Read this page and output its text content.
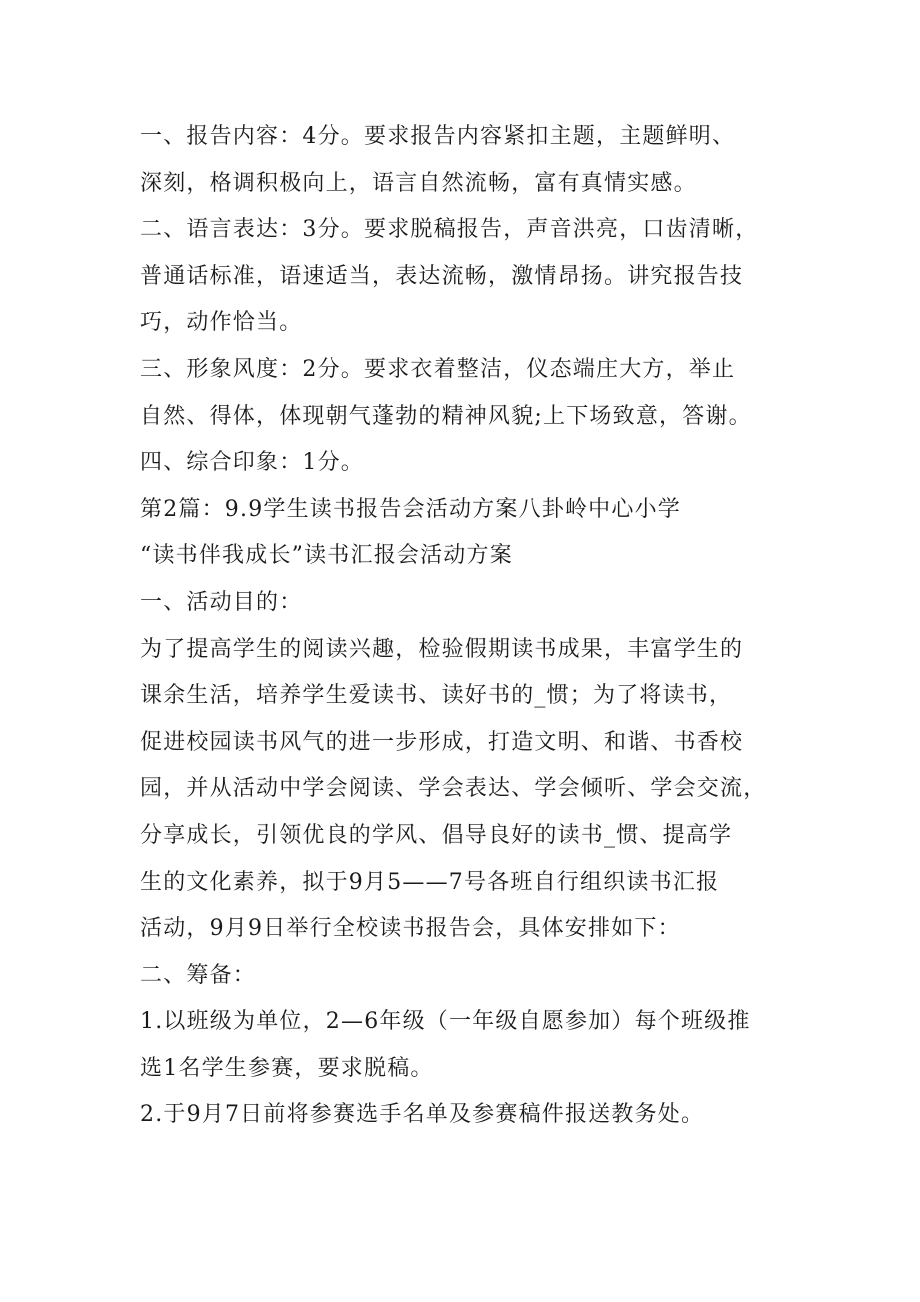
一、报告内容：4分。要求报告内容紧扣主题，主题鲜明、
深刻，格调积极向上，语言自然流畅，富有真情实感。
二、语言表达：3分。要求脱稿报告，声音洪亮，口齿清晰，
普通话标准，语速适当，表达流畅，激情昂扬。讲究报告技
巧，动作恰当。
三、形象风度：2分。要求衣着整洁，仪态端庄大方，举止
自然、得体，体现朝气蓬勃的精神风貌;上下场致意，答谢。
四、综合印象：1分。
第2篇：9.9学生读书报告会活动方案八卦岭中心小学
“读书伴我成长”读书汇报会活动方案
一、活动目的：
为了提高学生的阅读兴趣，检验假期读书成果，丰富学生的
课余生活，培养学生爱读书、读好书的_惯；为了将读书，
促进校园读书风气的进一步形成，打造文明、和谐、书香校
园，并从活动中学会阅读、学会表达、学会倾听、学会交流，
分享成长，引领优良的学风、倡导良好的读书_惯、提高学
生的文化素养，拟于9月5——7号各班自行组织读书汇报
活动，9月9日举行全校读书报告会，具体安排如下：
二、筹备：
1.以班级为单位，2—6年级（一年级自愿参加）每个班级推
选1名学生参赛，要求脱稿。
2.于9月7日前将参赛选手名单及参赛稿件报送教务处。
